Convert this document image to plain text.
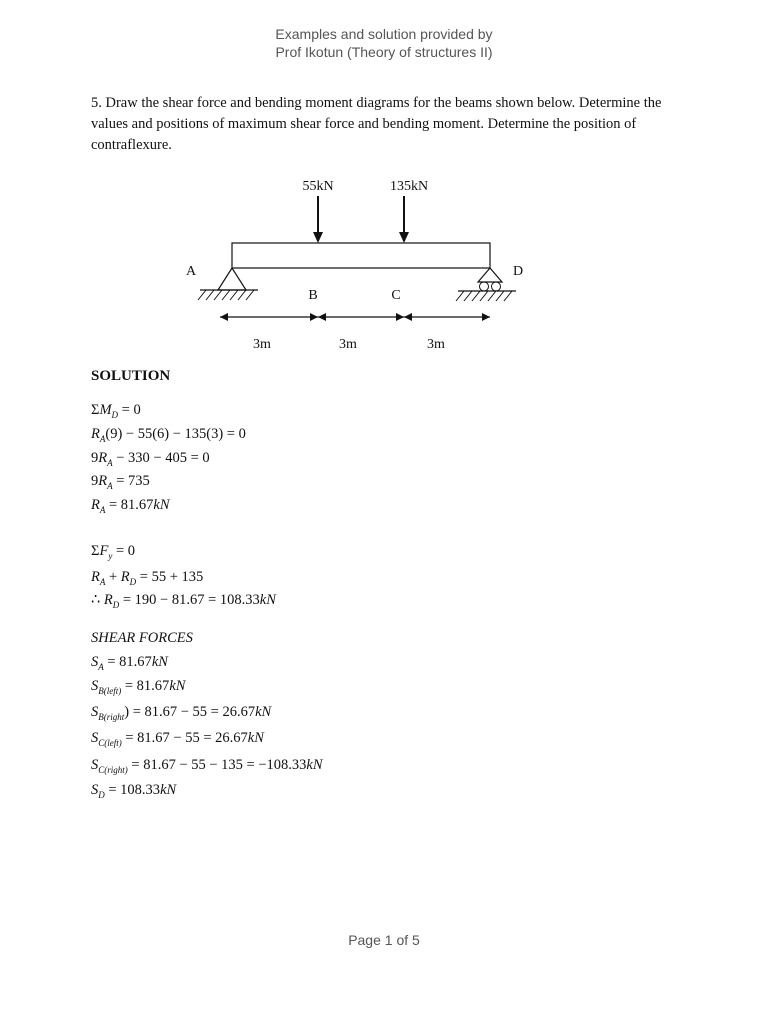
Examples and solution provided by
Prof Ikotun (Theory of structures II)
5. Draw the shear force and bending moment diagrams for the beams shown below. Determine the values and positions of maximum shear force and bending moment. Determine the position of contraflexure.
55kN	135kN
A
B	C
D
3m	3m	3m
SOLUTION
$\Sigma M_D = 0$
$R_A(9) - 55(6) - 135(3) = 0$
$9R_A - 330 - 405 = 0$
$9R_A = 735$
$R_A = 81.67kN$
$\Sigma F_y = 0$
$R_A + R_D = 55 + 135$
∴ $R_D = 190 - 81.67 = 108.33kN$
SHEAR FORCES
$S_A = 81.67kN$
$S_{B(left)} = 81.67kN$
$S_{B(right}) = 81.67 - 55 = 26.67kN$
$S_{C(left)} = 81.67 - 55 = 26.67kN$
$S_{C(right)} = 81.67 - 55 - 135 = -108.33kN$
$S_D = 108.33kN$
Page 1 of 5
